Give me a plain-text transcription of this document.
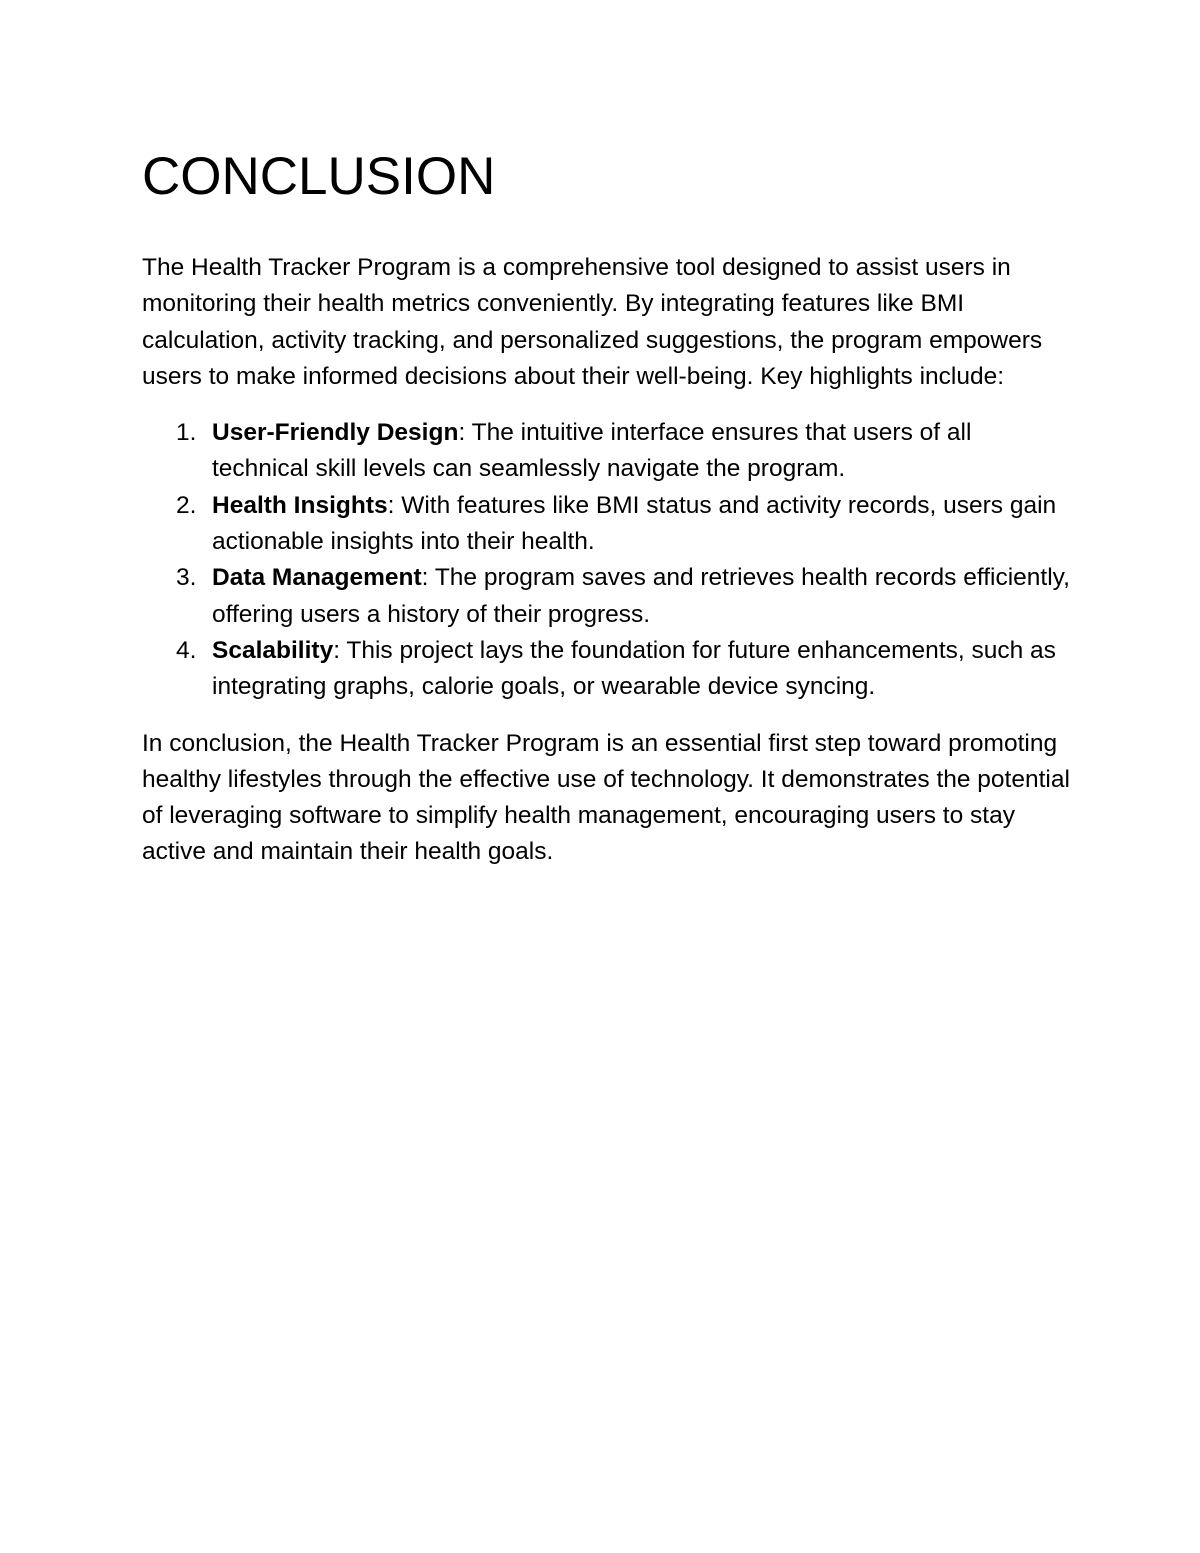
CONCLUSION

The Health Tracker Program is a comprehensive tool designed to assist users in monitoring their health metrics conveniently. By integrating features like BMI calculation, activity tracking, and personalized suggestions, the program empowers users to make informed decisions about their well-being. Key highlights include:

1. User-Friendly Design: The intuitive interface ensures that users of all technical skill levels can seamlessly navigate the program.
2. Health Insights: With features like BMI status and activity records, users gain actionable insights into their health.
3. Data Management: The program saves and retrieves health records efficiently, offering users a history of their progress.
4. Scalability: This project lays the foundation for future enhancements, such as integrating graphs, calorie goals, or wearable device syncing.

In conclusion, the Health Tracker Program is an essential first step toward promoting healthy lifestyles through the effective use of technology. It demonstrates the potential of leveraging software to simplify health management, encouraging users to stay active and maintain their health goals.
